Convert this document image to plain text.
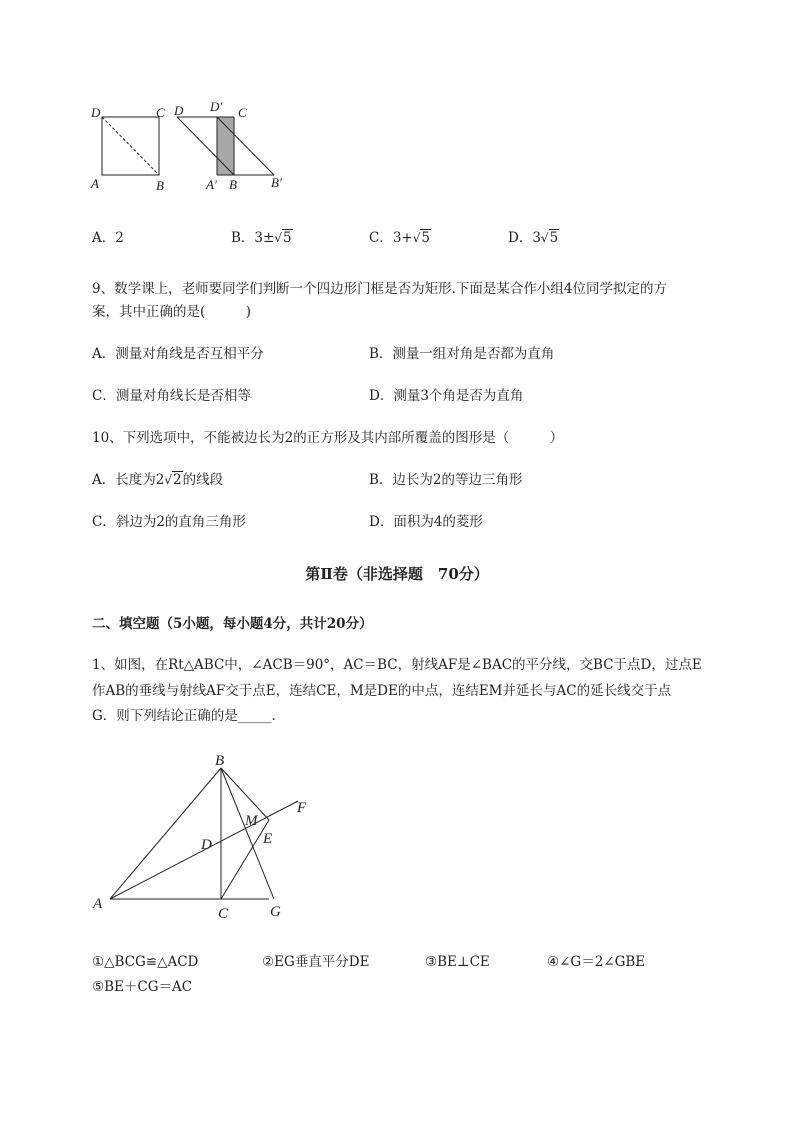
D	C
A	B
D D′ C
A′ B	B′
A．2	B．3±√5	C．3+√5	D．3√5
9、数学课上，老师要同学们判断一个四边形门框是否为矩形.下面是某合作小组4位同学拟定的方
案，其中正确的是(　　　)
A．测量对角线是否互相平分	B．测量一组对角是否都为直角
C．测量对角线长是否相等	D．测量3个角是否为直角
10、下列选项中，不能被边长为2的正方形及其内部所覆盖的图形是（　　　）
A．长度为2√2的线段	B．边长为2的等边三角形
C．斜边为2的直角三角形	D．面积为4的菱形
第Ⅱ卷（非选择题　70分）
二、填空题（5小题，每小题4分，共计20分）
1、如图，在Rt△ABC中，∠ACB＝90°，AC＝BC，射线AF是∠BAC的平分线，交BC于点D，过点E
作AB的垂线与射线AF交于点E，连结CE，M是DE的中点，连结EM并延长与AC的延长线交于点
G．则下列结论正确的是_____.
B
F
M
E
D
A
C	G
①△BCG≌△ACD	②EG垂直平分DE	③BE⊥CE	④∠G＝2∠GBE
⑤BE＋CG＝AC
